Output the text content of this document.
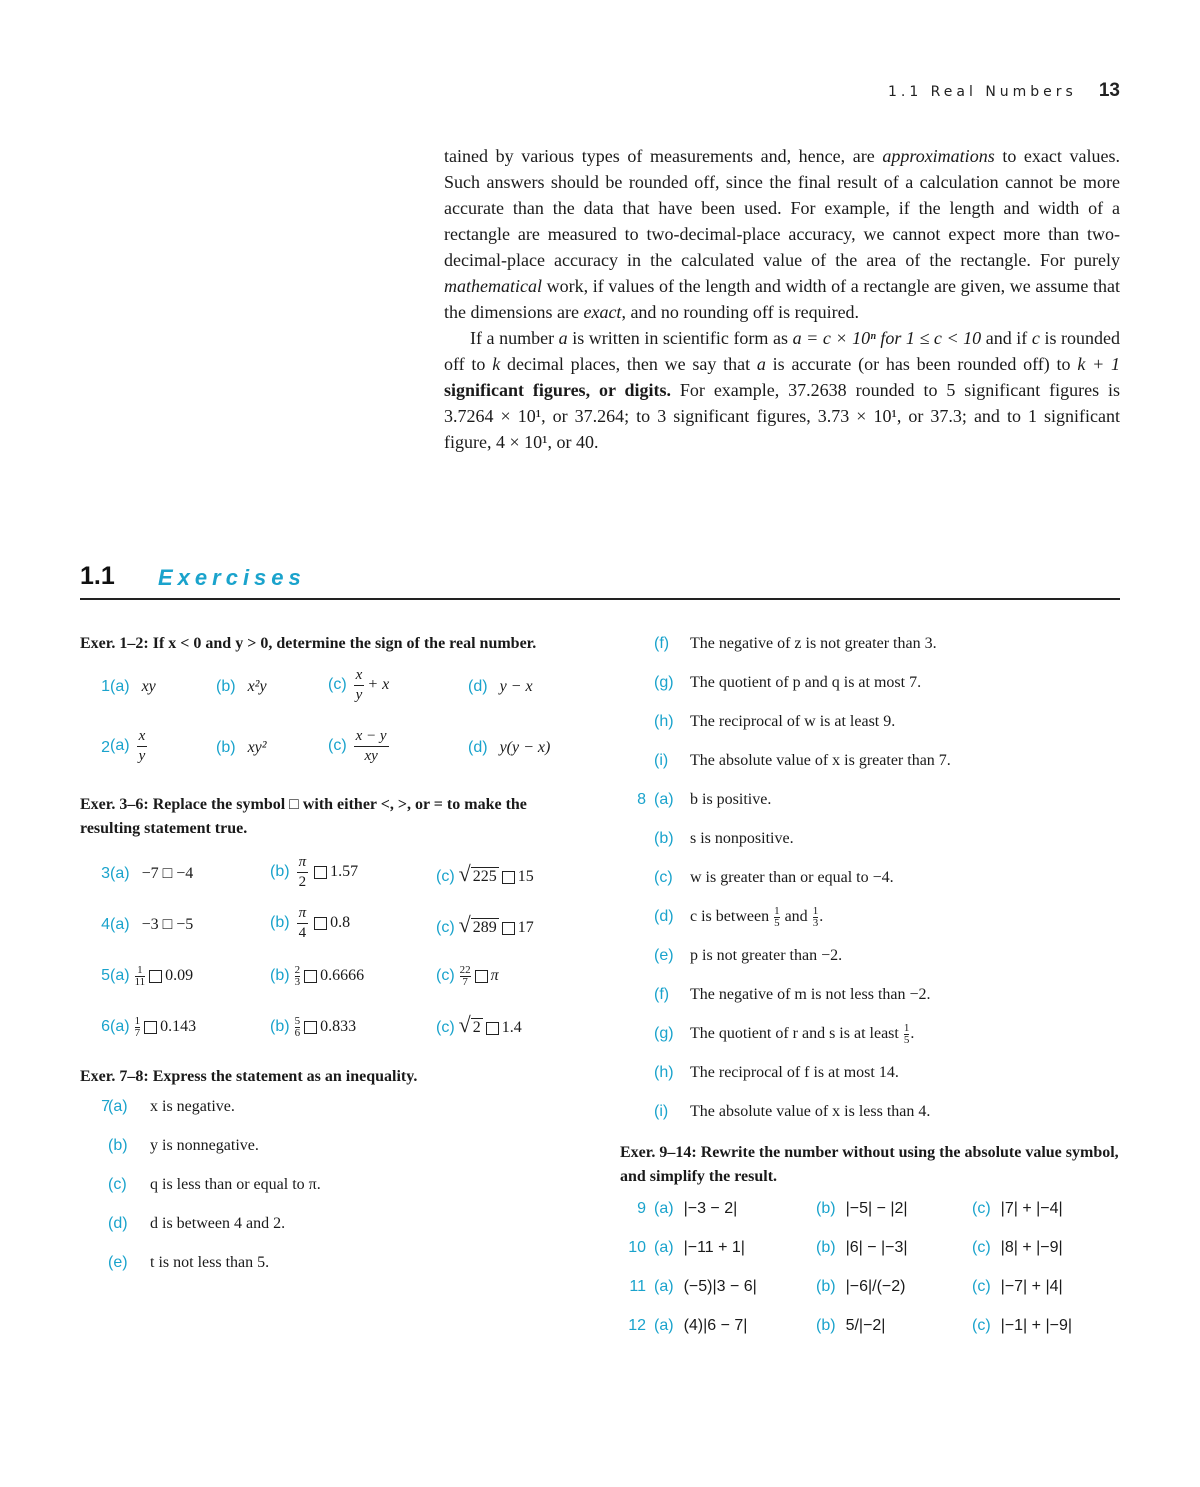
1.1 Real Numbers 13

tained by various types of measurements and, hence, are approximations to exact values. Such answers should be rounded off, since the final result of a calculation cannot be more accurate than the data that have been used. For example, if the length and width of a rectangle are measured to two-decimal-place accuracy, we cannot expect more than two-decimal-place accuracy in the calculated value of the area of the rectangle. For purely mathematical work, if values of the length and width of a rectangle are given, we assume that the dimensions are exact, and no rounding off is required.

If a number a is written in scientific form as a = c × 10ⁿ for 1 ≤ c < 10 and if c is rounded off to k decimal places, then we say that a is accurate (or has been rounded off) to k + 1 significant figures, or digits. For example, 37.2638 rounded to 5 significant figures is 3.7264 × 10¹, or 37.264; to 3 significant figures, 3.73 × 10¹, or 37.3; and to 1 significant figure, 4 × 10¹, or 40.

1.1 Exercises
Exer. 1–2: If x < 0 and y > 0, determine the sign of the real number.
1 (a) xy	(b) x²y	$(c) \frac{x}{y} + x$	(d) y − x
2 $(a) \frac{x}{y}$	(b) xy²	$(c) \frac{x - y}{xy}$	(d) y(y − x)
Exer. 3–6: Replace the symbol □ with either <, >, or = to make the resulting statement true.
3 (a) −7 □ −4	$(b) \frac{\pi}{2} 1.57$	(c) √ 225 15
4 (a) −3 □ −5	$(b) \frac{\pi}{4} 0.8$	(c) √ 289 17
5 $(a) \frac{1}{11} 0.09$	$(b) \frac{2}{3} 0.6666$	$(c) \frac{22}{7}$ π
6 $(a) \frac{1}{7} 0.143$	$(b) \frac{5}{6} 0.833$	(c) √ 2 1.4
Exer. 7–8: Express the statement as an inequality.
7
(a) x is negative.
(b) y is nonnegative.
(c) q is less than or equal to π.
(d) d is between 4 and 2.
(e) t is not less than 5.
(f) The negative of z is not greater than 3.
(g) The quotient of p and q is at most 7.
(h) The reciprocal of w is at least 9.
(i) The absolute value of x is greater than 7.
8 (a) b is positive.
(b) s is nonpositive.
(c) w is greater than or equal to −4.
(d) c is between $\frac{1}{5}$ and $\frac{1}{3}$ .
(e) p is not greater than −2.
(f) The negative of m is not less than −2.
(g) The quotient of r and s is at least $\frac{1}{5}$ .
(h) The reciprocal of f is at most 14.
(i) The absolute value of x is less than 4.
Exer. 9–14: Rewrite the number without using the absolute value symbol, and simplify the result.
9 (a) |−3 − 2|	(b) |−5| − |2|	(c) |7| + |−4|
10 (a) |−11 + 1|	(b) |6| − |−3|	(c) |8| + |−9|
11 (a) (−5)|3 − 6|	(b) |−6|/(−2)	(c) |−7| + |4|
12 (a) (4)|6 − 7|	(b) 5/|−2|	(c) |−1| + |−9|
